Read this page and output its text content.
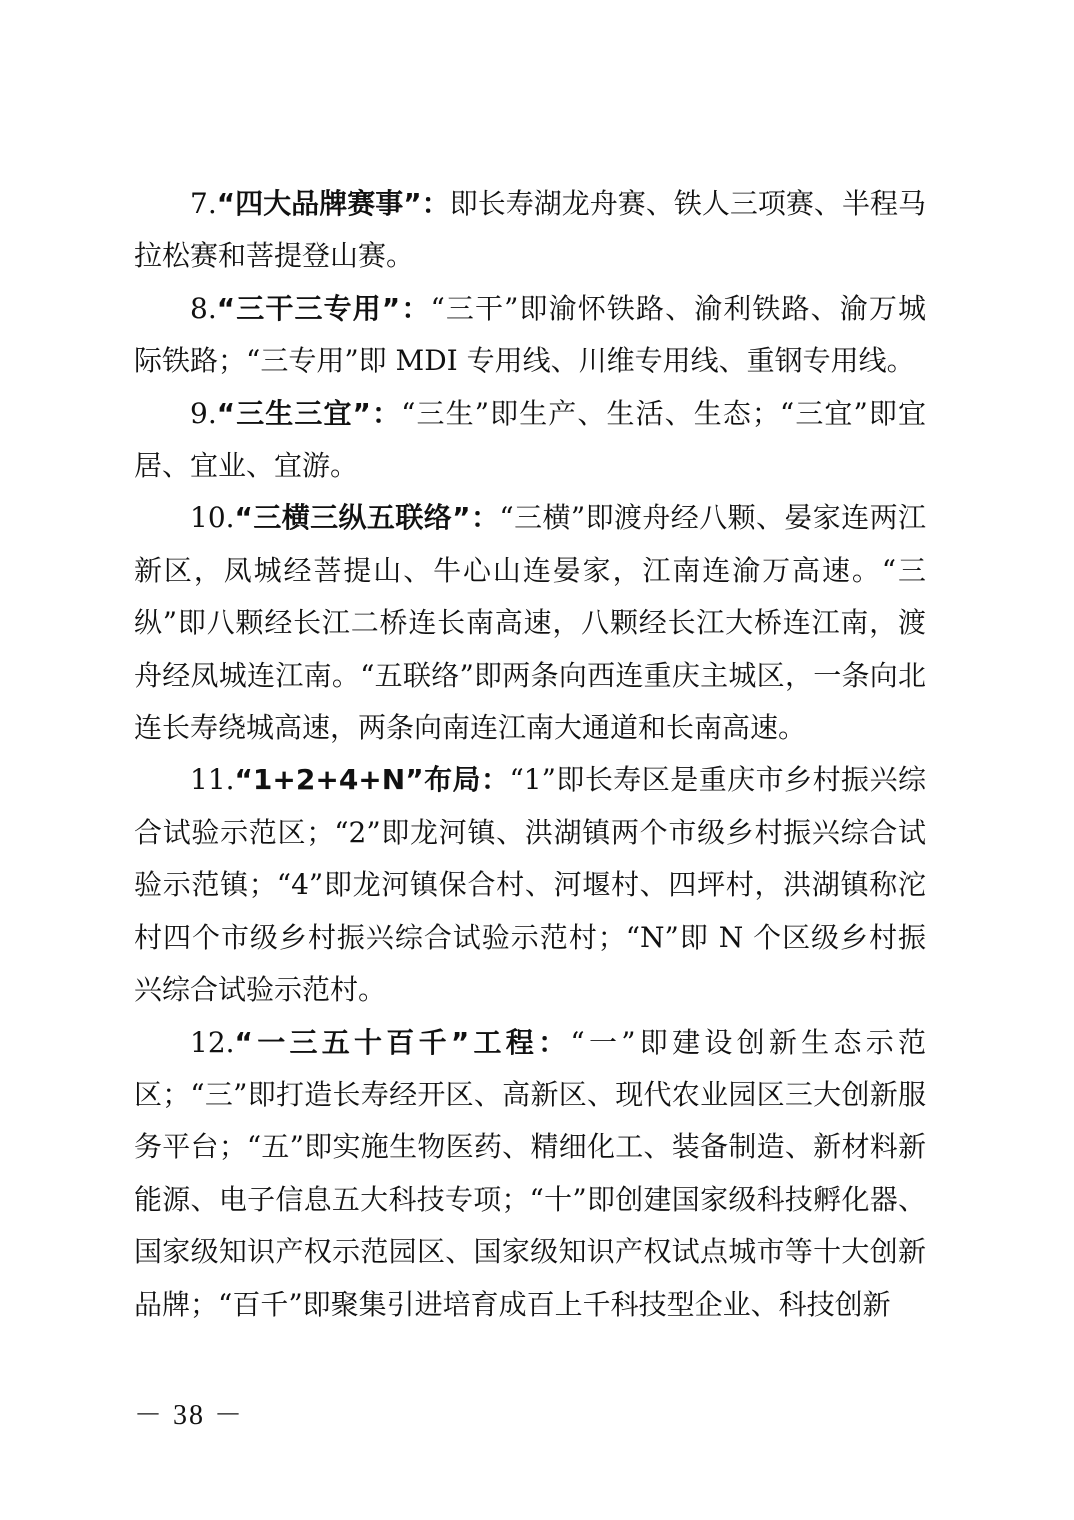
7.“四大品牌赛事”：即长寿湖龙舟赛、铁人三项赛、半程马拉松赛和菩提登山赛。

8.“三干三专用”：“三干”即渝怀铁路、渝利铁路、渝万城际铁路；“三专用”即 MDI 专用线、川维专用线、重钢专用线。

9.“三生三宜”：“三生”即生产、生活、生态；“三宜”即宜居、宜业、宜游。

10.“三横三纵五联络”：“三横”即渡舟经八颗、晏家连两江新区，凤城经菩提山、牛心山连晏家，江南连渝万高速。“三纵”即八颗经长江二桥连长南高速，八颗经长江大桥连江南，渡舟经凤城连江南。“五联络”即两条向西连重庆主城区，一条向北连长寿绕城高速，两条向南连江南大通道和长南高速。

11.“1+2+4+N”布局：“1”即长寿区是重庆市乡村振兴综合试验示范区；“2”即龙河镇、洪湖镇两个市级乡村振兴综合试验示范镇；“4”即龙河镇保合村、河堰村、四坪村，洪湖镇称沱村四个市级乡村振兴综合试验示范村；“N”即 N 个区级乡村振兴综合试验示范村。

12.“一三五十百千”工程：“一”即建设创新生态示范区；“三”即打造长寿经开区、高新区、现代农业园区三大创新服务平台；“五”即实施生物医药、精细化工、装备制造、新材料新能源、电子信息五大科技专项；“十”即创建国家级科技孵化器、国家级知识产权示范园区、国家级知识产权试点城市等十大创新品牌；“百千”即聚集引进培育成百上千科技型企业、科技创新

－ 38 －
